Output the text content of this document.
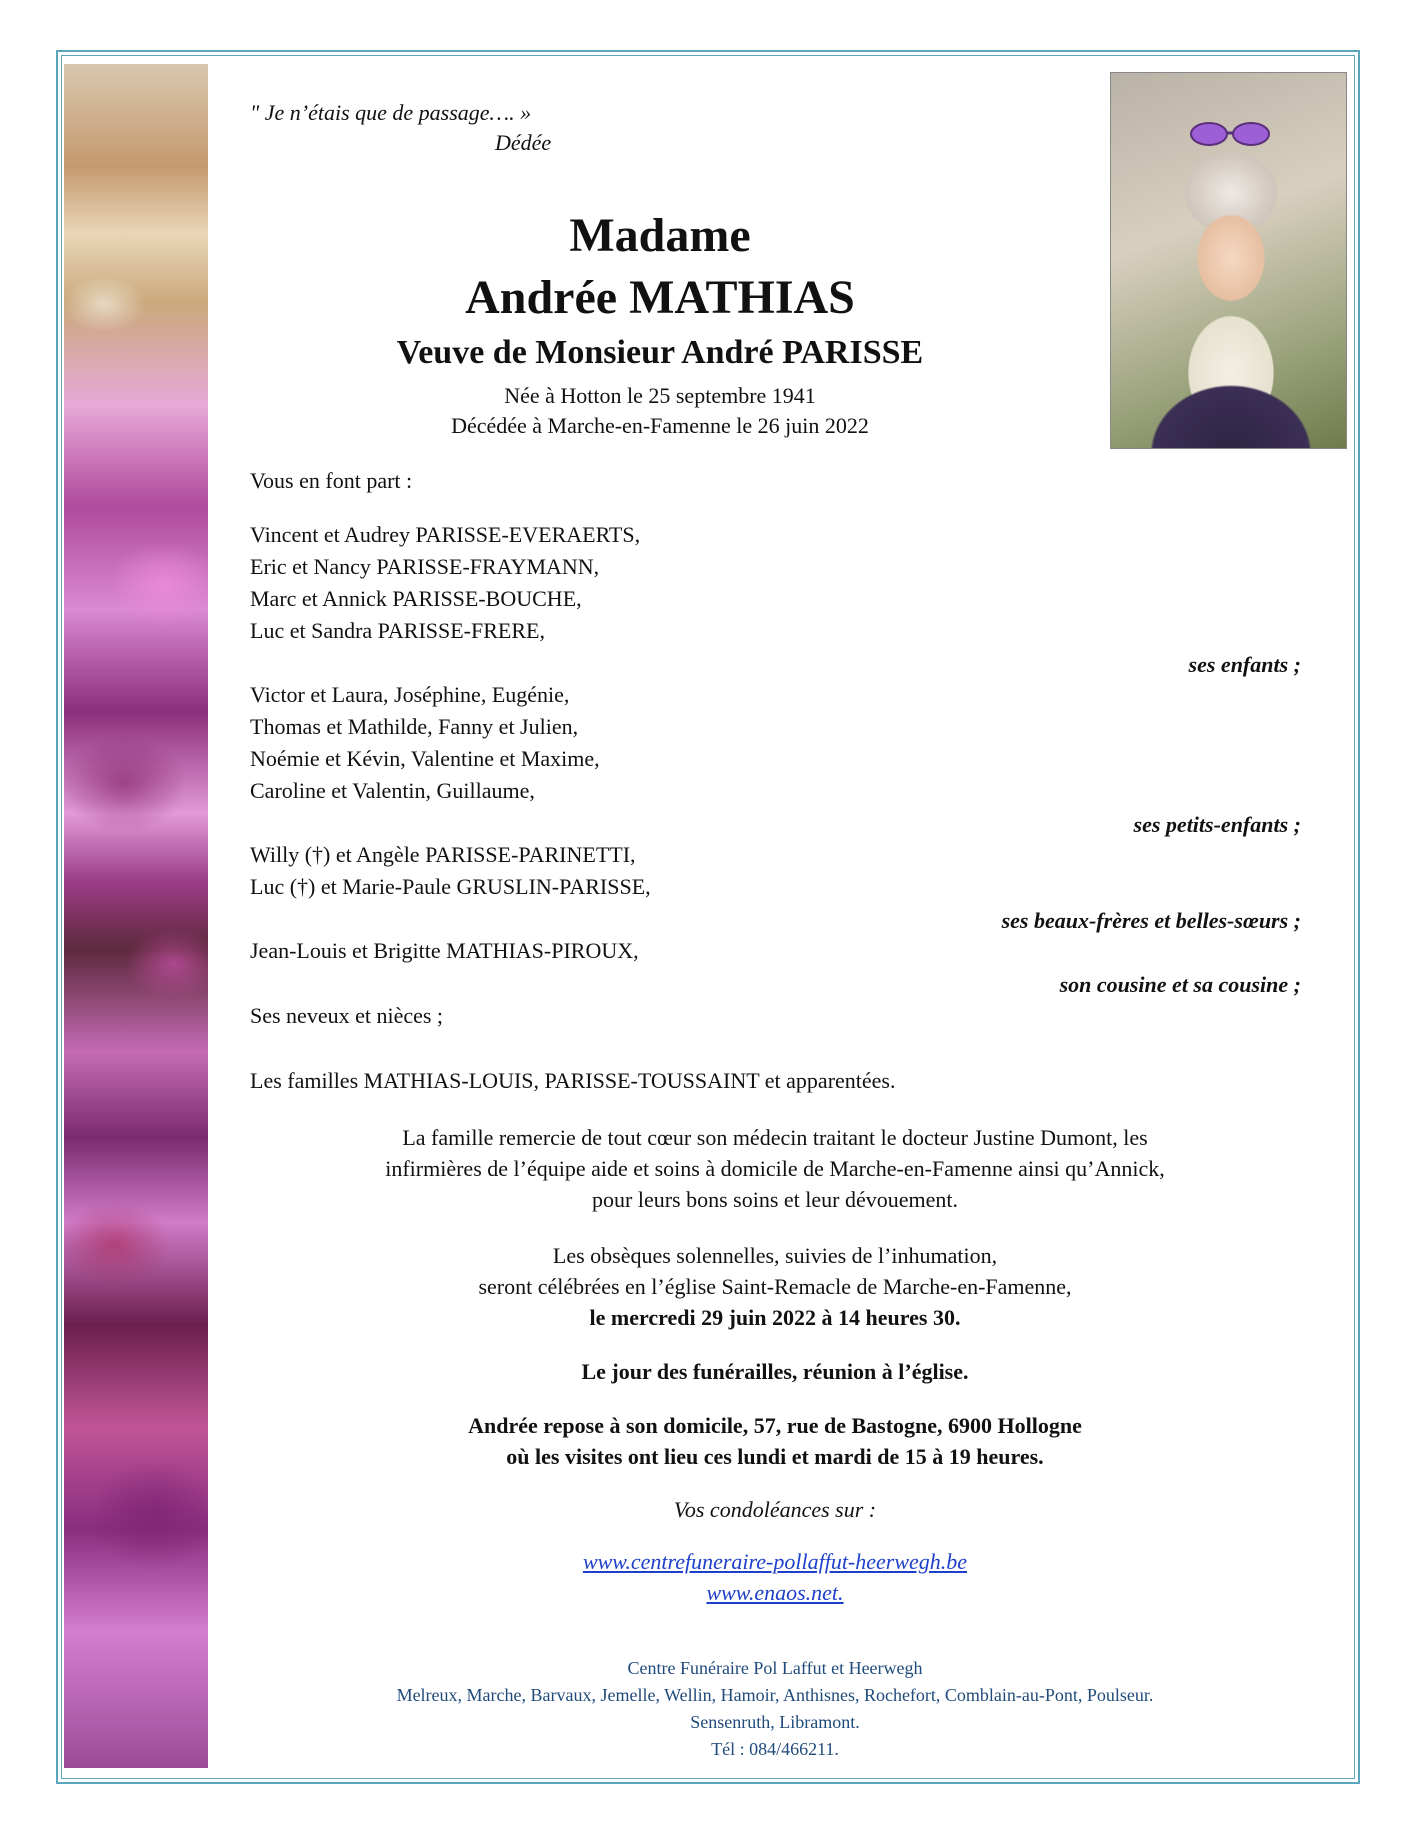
" Je n’étais que de passage…. »

Dédée

Madame

Andrée MATHIAS

Veuve de Monsieur André PARISSE

Née à Hotton le 25 septembre 1941

Décédée à Marche-en-Famenne le 26 juin 2022

Vous en font part :

Vincent et Audrey PARISSE-EVERAERTS,

Eric et Nancy PARISSE-FRAYMANN,

Marc et Annick PARISSE-BOUCHE,

Luc et Sandra PARISSE-FRERE,

ses enfants ;

Victor et Laura, Joséphine, Eugénie,

Thomas et Mathilde, Fanny et Julien,

Noémie et Kévin, Valentine et Maxime,

Caroline et Valentin, Guillaume,

ses petits-enfants ;

Willy (†) et Angèle PARISSE-PARINETTI,

Luc (†) et Marie-Paule GRUSLIN-PARISSE,

ses beaux-frères et belles-sœurs ;

Jean-Louis et Brigitte MATHIAS-PIROUX,

son cousine et sa cousine ;

Ses neveux et nièces ;

Les familles MATHIAS-LOUIS, PARISSE-TOUSSAINT et apparentées.

La famille remercie de tout cœur son médecin traitant le docteur Justine Dumont, les

infirmières de l’équipe aide et soins à domicile de Marche-en-Famenne ainsi qu’Annick,

pour leurs bons soins et leur dévouement.

Les obsèques solennelles, suivies de l’inhumation,

seront célébrées en l’église Saint-Remacle de Marche-en-Famenne,

le mercredi 29 juin 2022 à 14 heures 30.

Le jour des funérailles, réunion à l’église.

Andrée repose à son domicile, 57, rue de Bastogne, 6900 Hollogne

où les visites ont lieu ces lundi et mardi de 15 à 19 heures.

Vos condoléances sur :

www.centrefuneraire-pollaffut-heerwegh.be

www.enaos.net.

Centre Funéraire Pol Laffut et Heerwegh

Melreux, Marche, Barvaux, Jemelle, Wellin, Hamoir, Anthisnes, Rochefort, Comblain-au-Pont, Poulseur.

Sensenruth, Libramont.

Tél : 084/466211.
